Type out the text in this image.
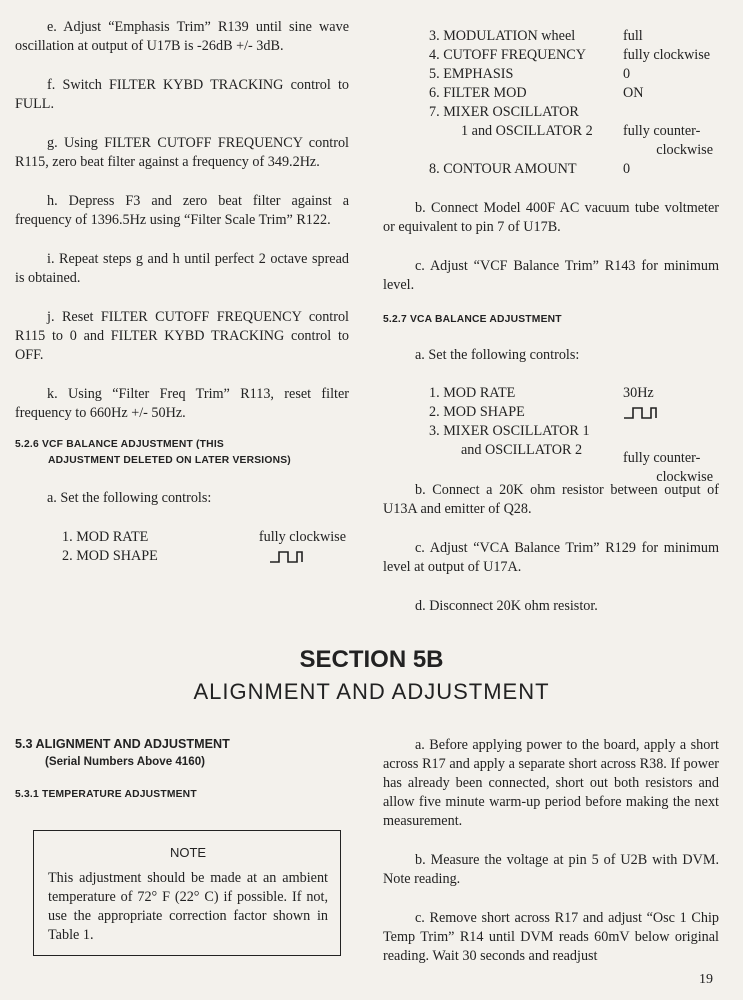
e. Adjust “Emphasis Trim” R139 until sine wave oscillation at output of U17B is -26dB +/- 3dB.

f. Switch FILTER KYBD TRACKING control to FULL.

g. Using FILTER CUTOFF FREQUENCY control R115, zero beat filter against a frequency of 349.2Hz.

h. Depress F3 and zero beat filter against a frequency of 1396.5Hz using “Filter Scale Trim” R122.

i. Repeat steps g and h until perfect 2 octave spread is obtained.

j. Reset FILTER CUTOFF FREQUENCY control R115 to 0 and FILTER KYBD TRACKING control to OFF.

k. Using “Filter Freq Trim” R113, reset filter frequency to 660Hz +/- 50Hz.

5.2.6 VCF BALANCE ADJUSTMENT (THIS

ADJUSTMENT DELETED ON LATER VERSIONS)

a. Set the following controls:

1. MOD RATE	fully clockwise
2. MOD SHAPE
3. MODULATION wheel	full
4. CUTOFF FREQUENCY	fully clockwise
5. EMPHASIS	0
6. FILTER MOD	ON
7. MIXER OSCILLATOR
1 and OSCILLATOR 2 fully counter-
clockwise
8. CONTOUR AMOUNT	0

b. Connect Model 400F AC vacuum tube voltmeter or equivalent to pin 7 of U17B.

c. Adjust “VCF Balance Trim” R143 for minimum level.

5.2.7 VCA BALANCE ADJUSTMENT

a. Set the following controls:

1. MOD RATE	30Hz
2. MOD SHAPE
3. MIXER OSCILLATOR 1
and OSCILLATOR 2	fully counter-
clockwise

b. Connect a 20K ohm resistor between output of U13A and emitter of Q28.

c. Adjust “VCA Balance Trim” R129 for minimum level at output of U17A.

d. Disconnect 20K ohm resistor.

SECTION 5B
ALIGNMENT AND ADJUSTMENT

5.3 ALIGNMENT AND ADJUSTMENT

(Serial Numbers Above 4160)

5.3.1 TEMPERATURE ADJUSTMENT

NOTE

This adjustment should be made at an ambient temperature of 72° F (22° C) if possible. If not, use the appropriate correction factor shown in Table 1.

a. Before applying power to the board, apply a short across R17 and apply a separate short across R38. If power has already been connected, short out both resistors and allow five minute warm-up period before making the next measurement.

b. Measure the voltage at pin 5 of U2B with DVM. Note reading.

c. Remove short across R17 and adjust “Osc 1 Chip Temp Trim” R14 until DVM reads 60mV below original reading. Wait 30 seconds and readjust

19
